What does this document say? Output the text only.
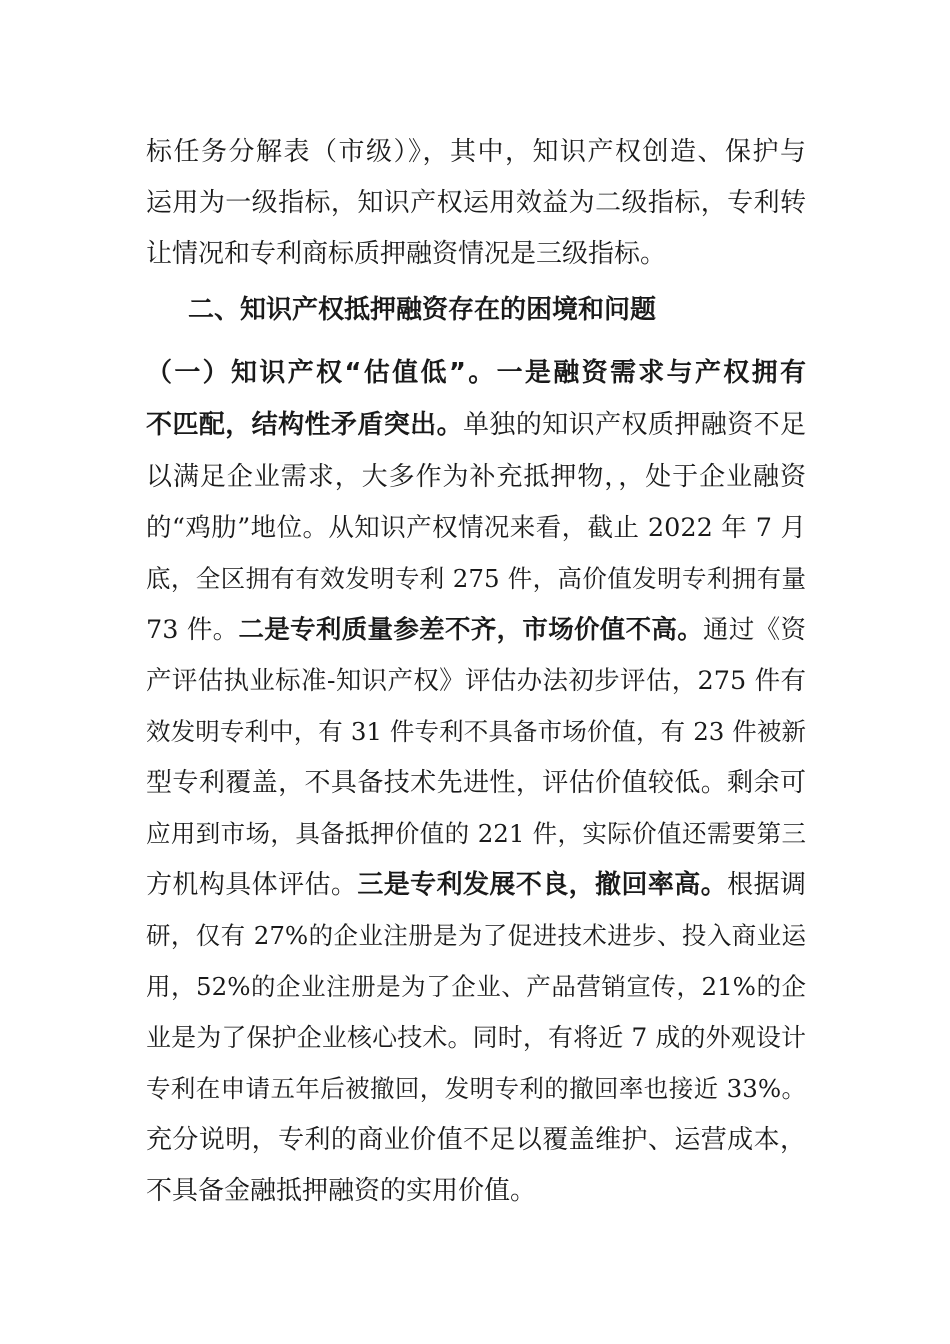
标任务分解表（市级）》，其中，知识产权创造、保护与
运用为一级指标，知识产权运用效益为二级指标，专利转
让情况和专利商标质押融资情况是三级指标。
二、知识产权抵押融资存在的困境和问题
（一）知识产权“估值低”。一是融资需求与产权拥有
不匹配，结构性矛盾突出。单独的知识产权质押融资不足
以满足企业需求，大多作为补充抵押物，，处于企业融资
的“鸡肋”地位。从知识产权情况来看，截止 2022 年 7 月
底，全区拥有有效发明专利 275 件，高价值发明专利拥有量
73 件。二是专利质量参差不齐，市场价值不高。通过《资
产评估执业标准-知识产权》评估办法初步评估，275 件有
效发明专利中，有 31 件专利不具备市场价值，有 23 件被新
型专利覆盖，不具备技术先进性，评估价值较低。剩余可
应用到市场，具备抵押价值的 221 件，实际价值还需要第三
方机构具体评估。三是专利发展不良，撤回率高。根据调
研，仅有 27%的企业注册是为了促进技术进步、投入商业运
用，52%的企业注册是为了企业、产品营销宣传，21%的企
业是为了保护企业核心技术。同时，有将近 7 成的外观设计
专利在申请五年后被撤回，发明专利的撤回率也接近 33%。
充分说明，专利的商业价值不足以覆盖维护、运营成本，
不具备金融抵押融资的实用价值。
